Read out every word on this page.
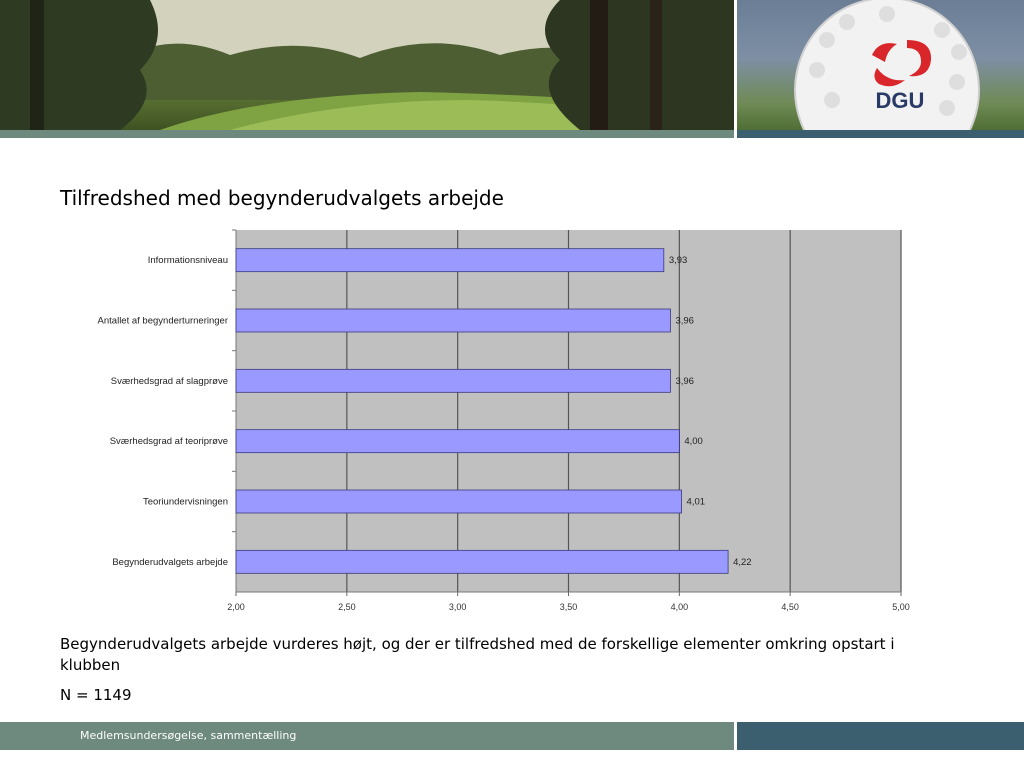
DGU
Tilfredshed med begynderudvalgets arbejde
2,00	2,50	3,00	3,50	4,00	4,50	5,00
Informationsniveau	3,93
Antallet af begynderturneringer	3,96
Sværhedsgrad af slagprøve	3,96
Sværhedsgrad af teoriprøve	4,00
Teoriundervisningen	4,01
Begynderudvalgets arbejde	4,22

Begynderudvalgets arbejde vurderes højt, og der er tilfredshed med de forskellige elementer omkring opstart i klubben

N = 1149

Medlemsundersøgelse, sammentælling
